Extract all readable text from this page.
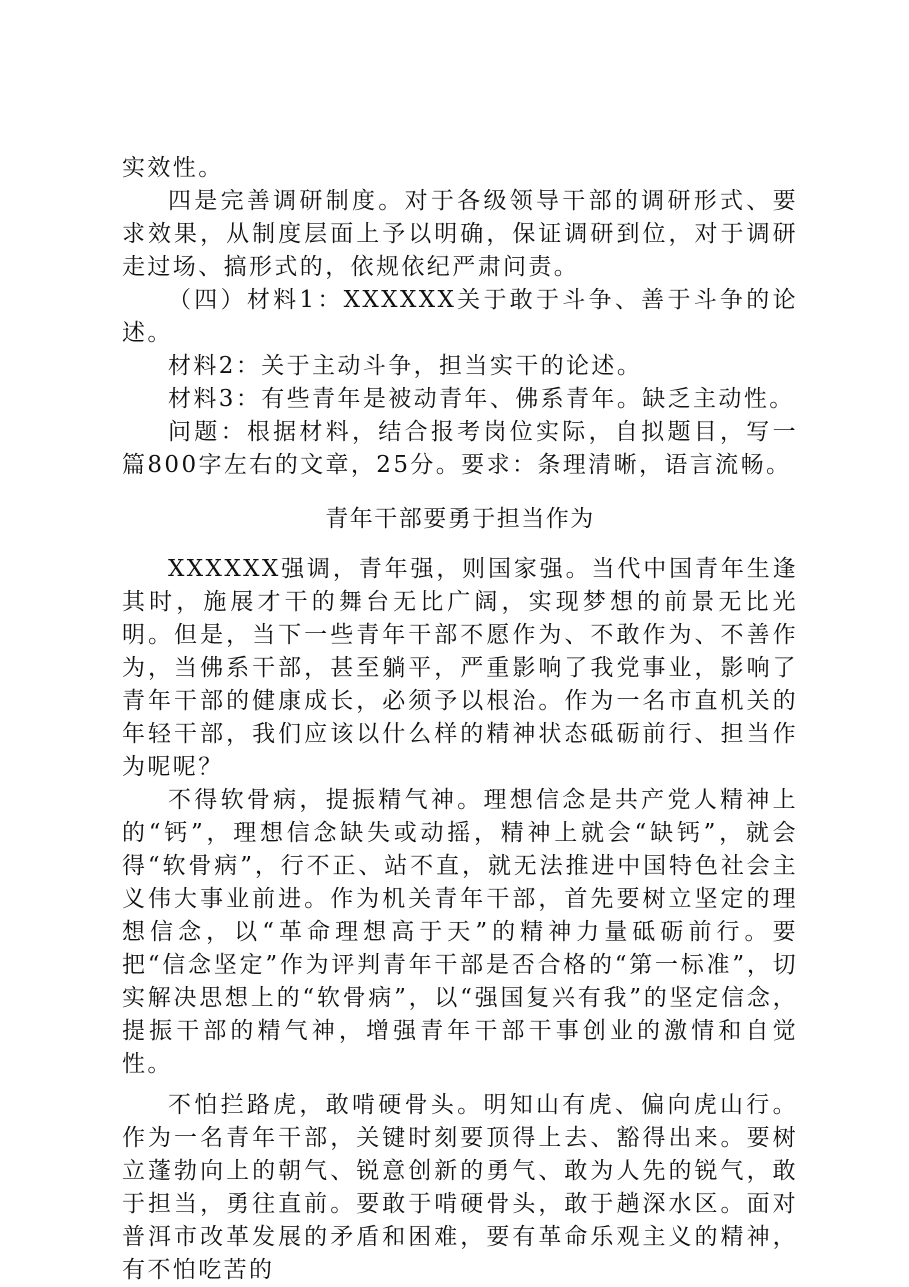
实效性。

四是完善调研制度。对于各级领导干部的调研形式、要求效果，从制度层面上予以明确，保证调研到位，对于调研走过场、搞形式的，依规依纪严肃问责。

（四）材料1：XXXXXX关于敢于斗争、善于斗争的论述。

材料2：关于主动斗争，担当实干的论述。

材料3：有些青年是被动青年、佛系青年。缺乏主动性。

问题：根据材料，结合报考岗位实际，自拟题目，写一篇800字左右的文章，25分。要求：条理清晰，语言流畅。

青年干部要勇于担当作为

XXXXXX强调，青年强，则国家强。当代中国青年生逢其时，施展才干的舞台无比广阔，实现梦想的前景无比光明。但是，当下一些青年干部不愿作为、不敢作为、不善作为，当佛系干部，甚至躺平，严重影响了我党事业，影响了青年干部的健康成长，必须予以根治。作为一名市直机关的年轻干部，我们应该以什么样的精神状态砥砺前行、担当作为呢呢？

不得软骨病，提振精气神。理想信念是共产党人精神上的“钙”，理想信念缺失或动摇，精神上就会“缺钙”，就会得“软骨病”，行不正、站不直，就无法推进中国特色社会主义伟大事业前进。作为机关青年干部，首先要树立坚定的理想信念，以“革命理想高于天”的精神力量砥砺前行。要把“信念坚定”作为评判青年干部是否合格的“第一标准”，切实解决思想上的“软骨病”，以“强国复兴有我”的坚定信念，提振干部的精气神，增强青年干部干事创业的激情和自觉性。

不怕拦路虎，敢啃硬骨头。明知山有虎、偏向虎山行。作为一名青年干部，关键时刻要顶得上去、豁得出来。要树立蓬勃向上的朝气、锐意创新的勇气、敢为人先的锐气，敢于担当，勇往直前。要敢于啃硬骨头，敢于趟深水区。面对普洱市改革发展的矛盾和困难，要有革命乐观主义的精神，有不怕吃苦的
